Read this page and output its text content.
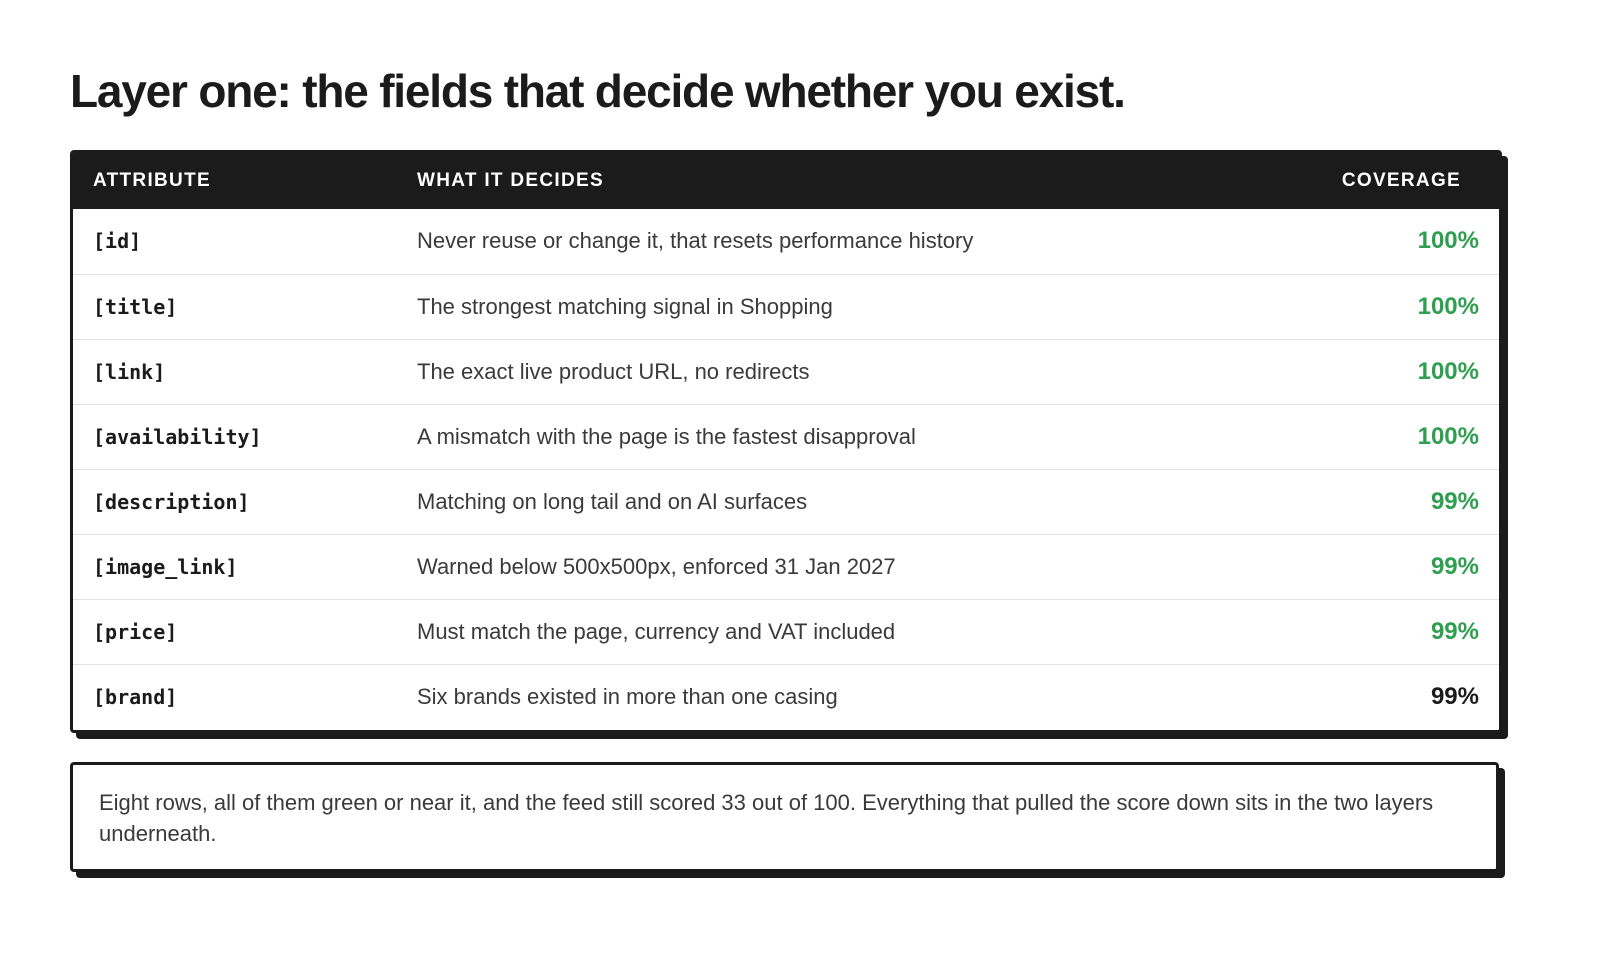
Layer one: the fields that decide whether you exist.
ATTRIBUTE	WHAT IT DECIDES	COVERAGE
[id]	Never reuse or change it, that resets performance history	100%
[title]	The strongest matching signal in Shopping	100%
[link]	The exact live product URL, no redirects	100%
[availability]	A mismatch with the page is the fastest disapproval	100%
[description]	Matching on long tail and on AI surfaces	99%
[image_link]	Warned below 500x500px, enforced 31 Jan 2027	99%
[price]	Must match the page, currency and VAT included	99%
[brand]	Six brands existed in more than one casing	99%
Eight rows, all of them green or near it, and the feed still scored 33 out of 100. Everything that pulled the score down sits in the two layers underneath.
